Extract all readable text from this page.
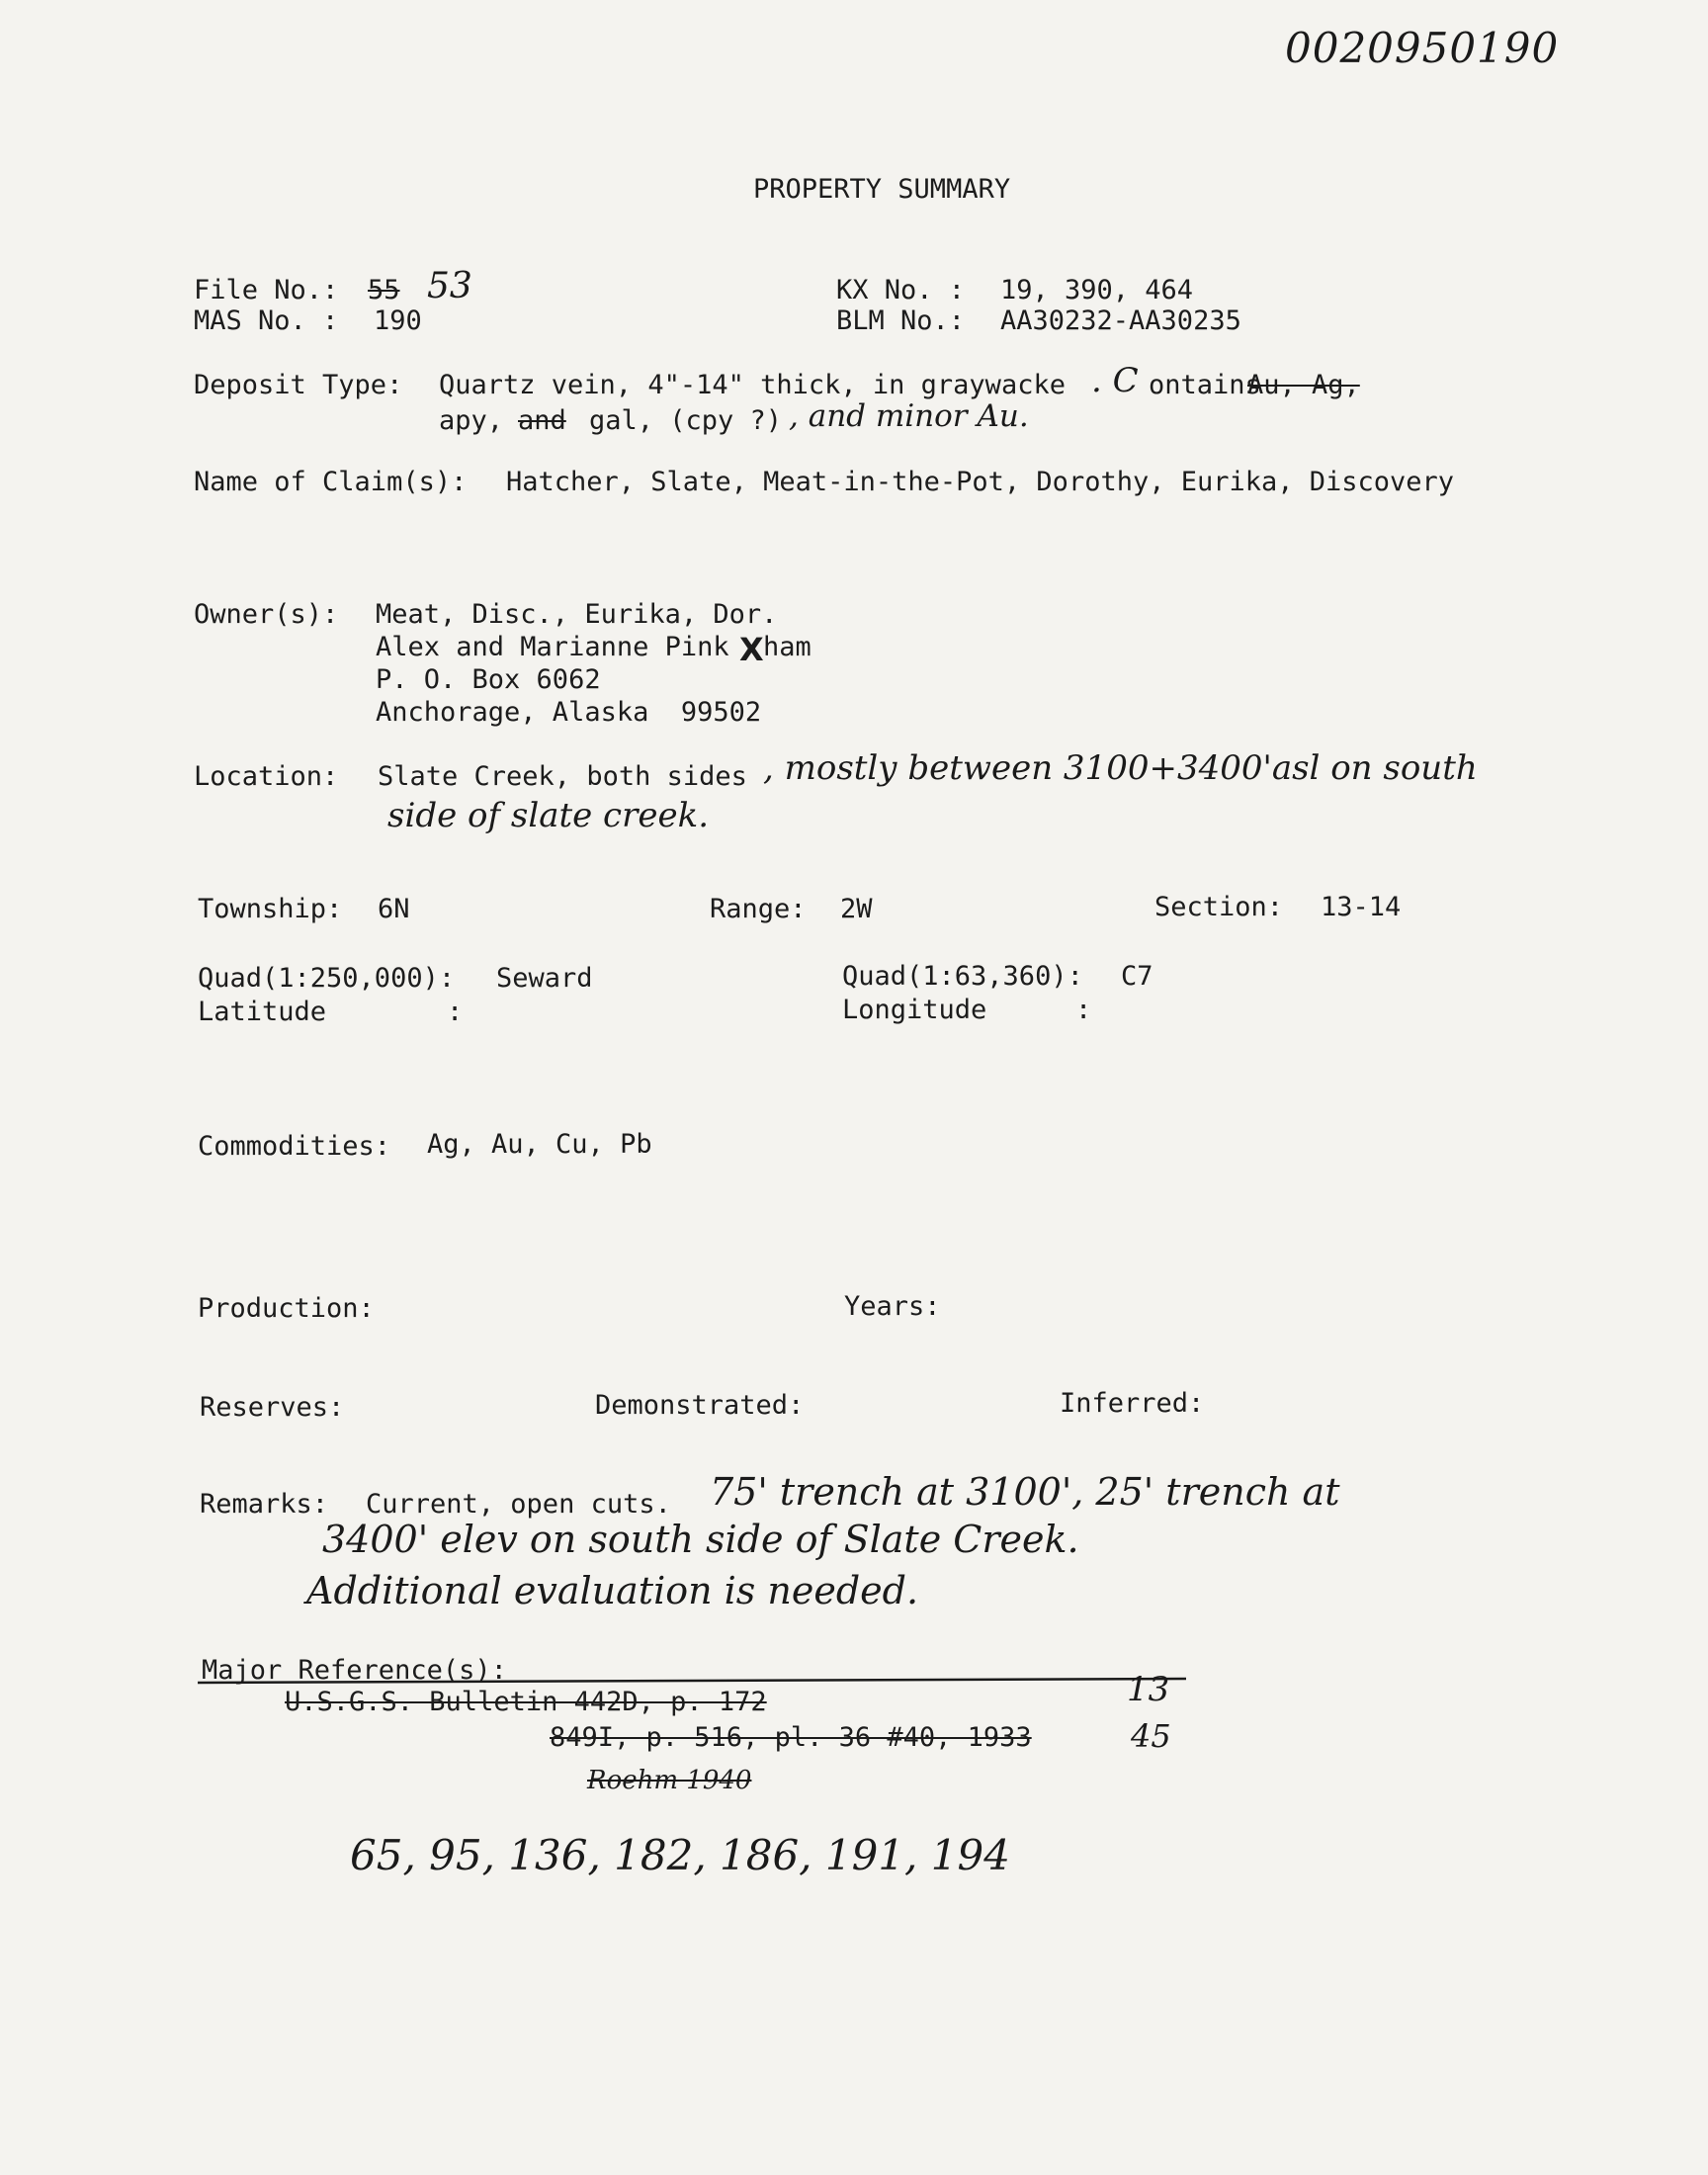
0020950190
PROPERTY SUMMARY
File No.: 55 53
MAS No. : 190
KX No. : 19, 390, 464
BLM No.: AA30232-AA30235
Deposit Type: Quartz vein, 4"-14" thick, in graywacke . C ontains
Au, Ag,
apy, and gal, (cpy ?) , and minor Au.
Name of Claim(s): Hatcher, Slate, Meat-in-the-Pot, Dorothy, Eurika, Discovery
Owner(s): Meat, Disc., Eurika, Dor.
Alex and Marianne Pink X ham
P. O. Box 6062
Anchorage, Alaska  99502
Location: Slate Creek, both sides , mostly between 3100+3400'asl on south
side of slate creek.
Township: 6N	Range: 2W	Section: 13-14
Quad(1:250,000): Seward	Quad(1:63,360): C7
Latitude	:	Longitude	:
Commodities: Ag, Au, Cu, Pb
Production:	Years:
Reserves:	Demonstrated:	Inferred:
Remarks: Current, open cuts. 75' trench at 3100', 25' trench at
3400' elev on south side of Slate Creek.
Additional evaluation is needed.
Major Reference(s):
U.S.G.S. Bulletin 442D, p. 172	13
849I, p. 516, pl. 36 #40, 1933	45
Roehm 1940
65, 95, 136, 182, 186, 191, 194
